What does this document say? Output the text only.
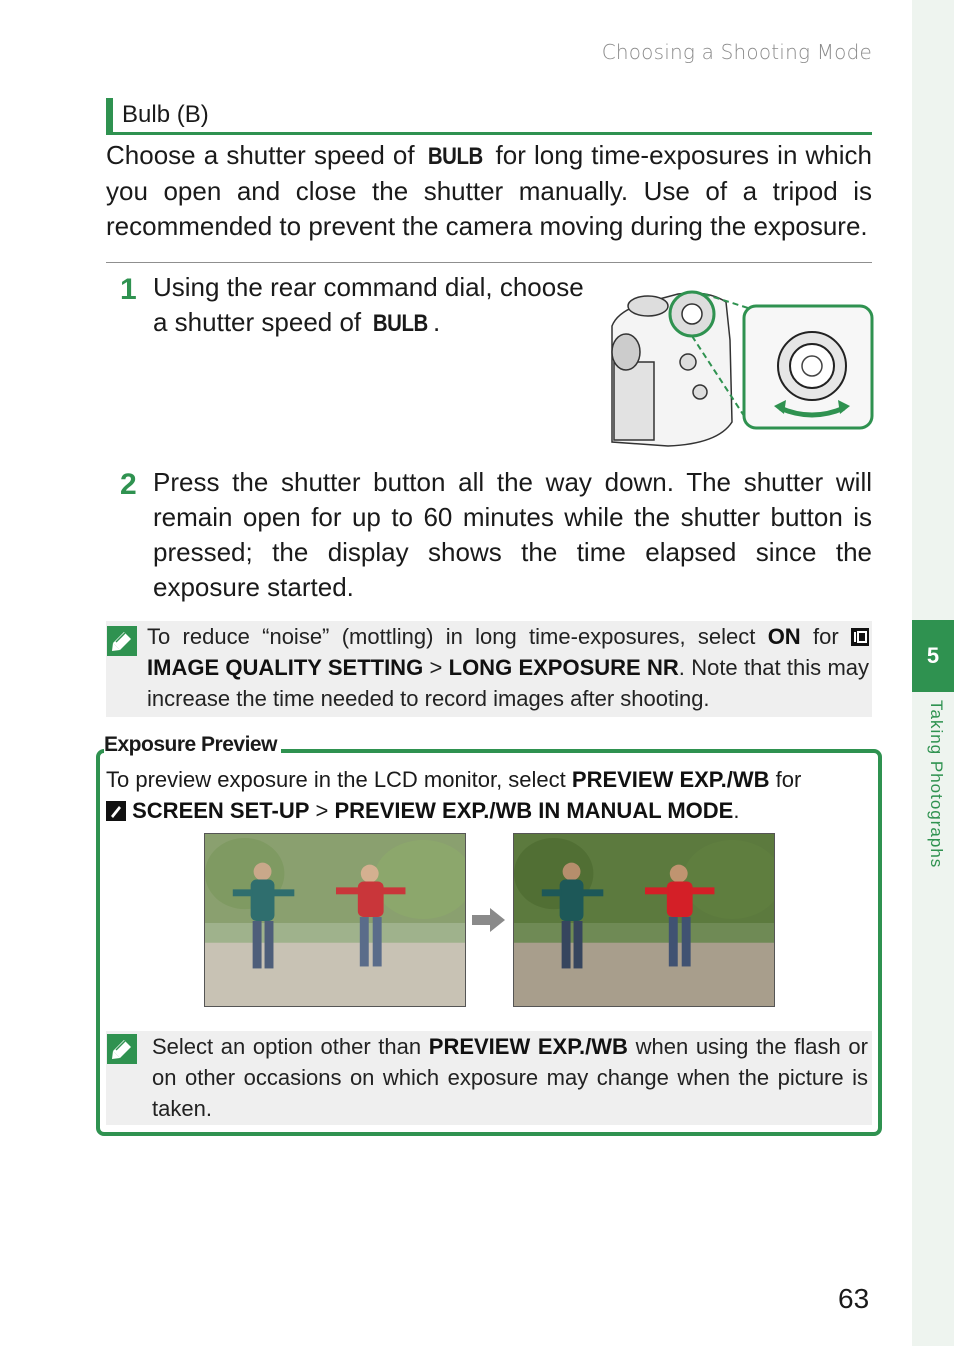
5
Taking Photographs
Choosing a Shooting Mode
Bulb (B)

Choose a shutter speed of BULB for long time-exposures in which you open and close the shutter manually. Use of a tripod is recommended to prevent the camera moving during the exposure.

1 Using the rear command dial, choose a shutter speed of BULB .

2 Press the shutter button all the way down. The shutter will remain open for up to 60 minutes while the shutter button is pressed; the display shows the time elapsed since the exposure started.

To reduce “noise” (mottling) in long time-exposures, select ON for  IMAGE QUALITY SETTING > LONG EXPOSURE NR. Note that this may increase the time needed to record images after shooting.

Exposure Preview

To preview exposure in the LCD monitor, select PREVIEW EXP./WB for
SCREEN SET-UP > PREVIEW EXP./WB IN MANUAL MODE.

Select an option other than PREVIEW EXP./WB when using the flash or on other occasions on which exposure may change when the picture is taken.

63
